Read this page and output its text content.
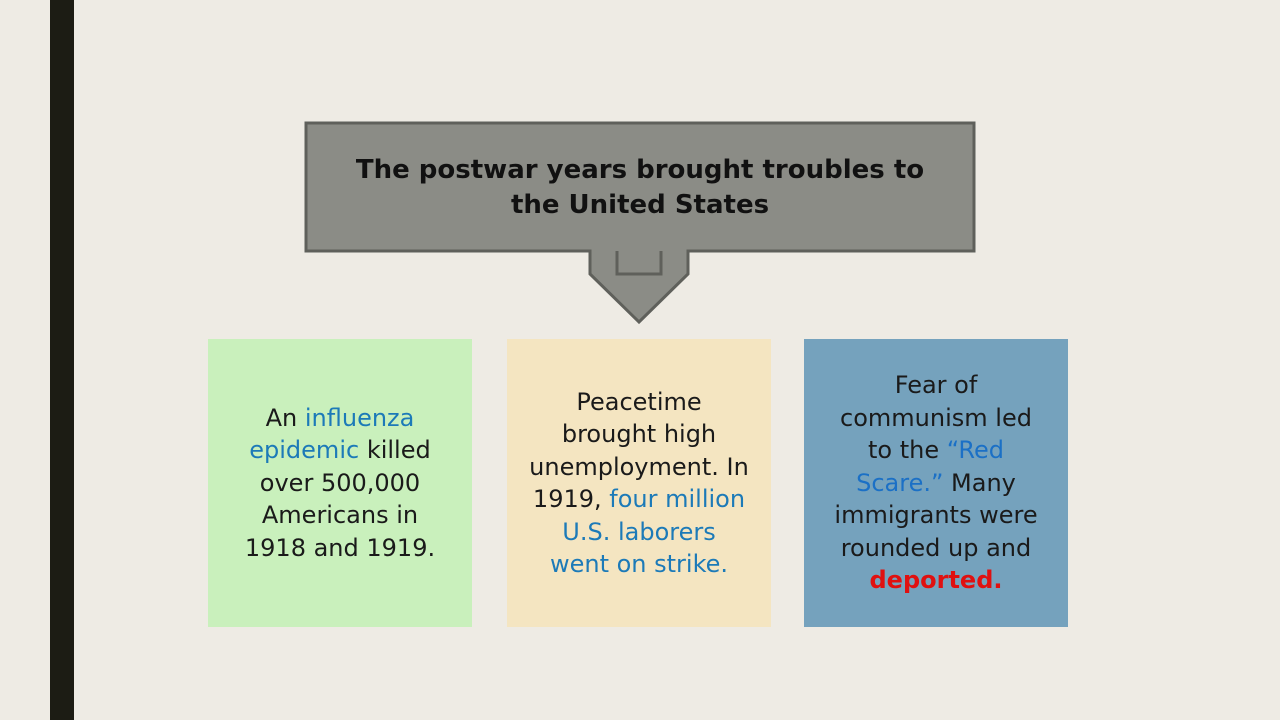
The postwar years brought troubles to the United States

An influenza epidemic killed over 500,000 Americans in 1918 and 1919.

Peacetime brought high unemployment. In 1919, four million U.S. laborers went on strike.

Fear of communism led to the “Red Scare.” Many immigrants were rounded up and deported.
